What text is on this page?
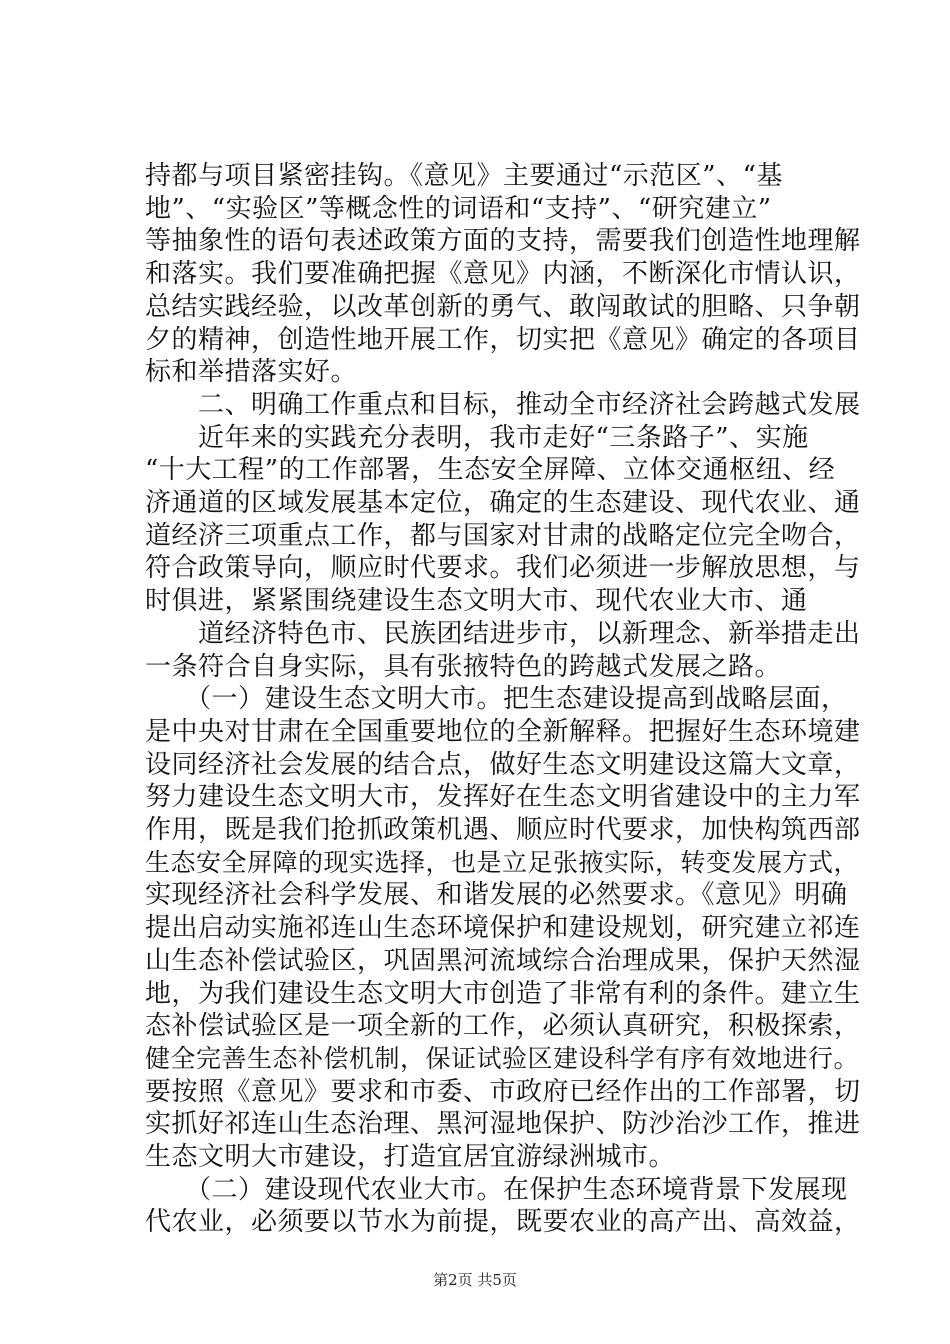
持都与项目紧密挂钩。《意见》主要通过“示范区”、“基
地”、“实验区”等概念性的词语和“支持”、“研究建立”
等抽象性的语句表述政策方面的支持，需要我们创造性地理解
和落实。我们要准确把握《意见》内涵，不断深化市情认识，
总结实践经验，以改革创新的勇气、敢闯敢试的胆略、只争朝
夕的精神，创造性地开展工作，切实把《意见》确定的各项目
标和举措落实好。
　　二、明确工作重点和目标，推动全市经济社会跨越式发展
　　近年来的实践充分表明，我市走好“三条路子”、实施
“十大工程”的工作部署，生态安全屏障、立体交通枢纽、经
济通道的区域发展基本定位，确定的生态建设、现代农业、通
道经济三项重点工作，都与国家对甘肃的战略定位完全吻合，
符合政策导向，顺应时代要求。我们必须进一步解放思想，与
时俱进，紧紧围绕建设生态文明大市、现代农业大市、通
　　道经济特色市、民族团结进步市，以新理念、新举措走出
一条符合自身实际，具有张掖特色的跨越式发展之路。
　　（一）建设生态文明大市。把生态建设提高到战略层面，
是中央对甘肃在全国重要地位的全新解释。把握好生态环境建
设同经济社会发展的结合点，做好生态文明建设这篇大文章，
努力建设生态文明大市，发挥好在生态文明省建设中的主力军
作用，既是我们抢抓政策机遇、顺应时代要求，加快构筑西部
生态安全屏障的现实选择，也是立足张掖实际，转变发展方式，
实现经济社会科学发展、和谐发展的必然要求。《意见》明确
提出启动实施祁连山生态环境保护和建设规划，研究建立祁连
山生态补偿试验区，巩固黑河流域综合治理成果，保护天然湿
地，为我们建设生态文明大市创造了非常有利的条件。建立生
态补偿试验区是一项全新的工作，必须认真研究，积极探索，
健全完善生态补偿机制，保证试验区建设科学有序有效地进行。
要按照《意见》要求和市委、市政府已经作出的工作部署，切
实抓好祁连山生态治理、黑河湿地保护、防沙治沙工作，推进
生态文明大市建设，打造宜居宜游绿洲城市。
　　（二）建设现代农业大市。在保护生态环境背景下发展现
代农业，必须要以节水为前提，既要农业的高产出、高效益，
第2页 共5页
